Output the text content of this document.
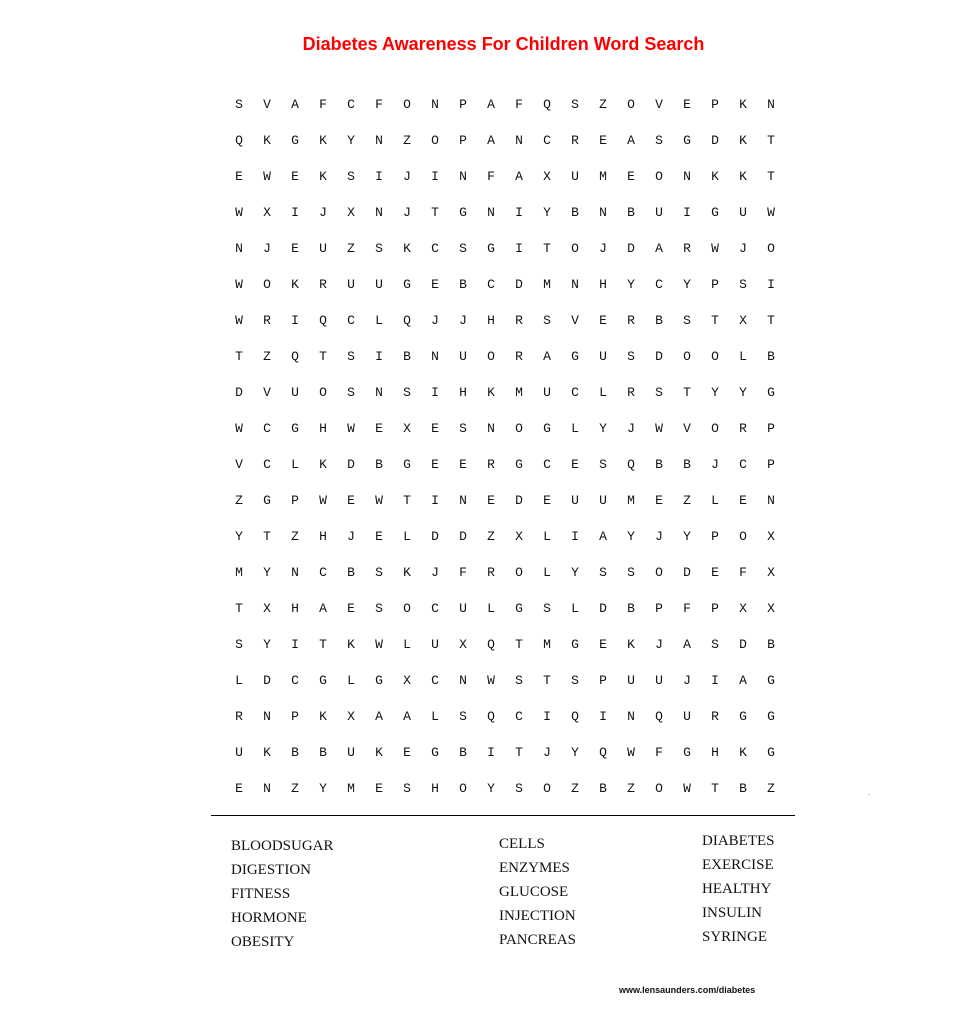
Diabetes Awareness For Children Word Search
S	V	A	F	C	F	O	N	P	A	F	Q	S	Z	O	V	E	P	K	N
Q	K	G	K	Y	N	Z	O	P	A	N	C	R	E	A	S	G	D	K	T
E	W	E	K	S	I	J	I	N	F	A	X	U	M	E	O	N	K	K	T
W	X	I	J	X	N	J	T	G	N	I	Y	B	N	B	U	I	G	U	W
N	J	E	U	Z	S	K	C	S	G	I	T	O	J	D	A	R	W	J	O
W	O	K	R	U	U	G	E	B	C	D	M	N	H	Y	C	Y	P	S	I
W	R	I	Q	C	L	Q	J	J	H	R	S	V	E	R	B	S	T	X	T
T	Z	Q	T	S	I	B	N	U	O	R	A	G	U	S	D	O	O	L	B
D	V	U	O	S	N	S	I	H	K	M	U	C	L	R	S	T	Y	Y	G
W	C	G	H	W	E	X	E	S	N	O	G	L	Y	J	W	V	O	R	P
V	C	L	K	D	B	G	E	E	R	G	C	E	S	Q	B	B	J	C	P
Z	G	P	W	E	W	T	I	N	E	D	E	U	U	M	E	Z	L	E	N
Y	T	Z	H	J	E	L	D	D	Z	X	L	I	A	Y	J	Y	P	O	X
M	Y	N	C	B	S	K	J	F	R	O	L	Y	S	S	O	D	E	F	X
T	X	H	A	E	S	O	C	U	L	G	S	L	D	B	P	F	P	X	X
S	Y	I	T	K	W	L	U	X	Q	T	M	G	E	K	J	A	S	D	B
L	D	C	G	L	G	X	C	N	W	S	T	S	P	U	U	J	I	A	G
R	N	P	K	X	A	A	L	S	Q	C	I	Q	I	N	Q	U	R	G	G
U	K	B	B	U	K	E	G	B	I	T	J	Y	Q	W	F	G	H	K	G
E	N	Z	Y	M	E	S	H	O	Y	S	O	Z	B	Z	O	W	T	B	Z	.
BLOODSUGAR
DIGESTION
FITNESS
HORMONE
OBESITY
CELLS
ENZYMES
GLUCOSE
INJECTION
PANCREAS
DIABETES
EXERCISE
HEALTHY
INSULIN
SYRINGE
www.lensaunders.com/diabetes
